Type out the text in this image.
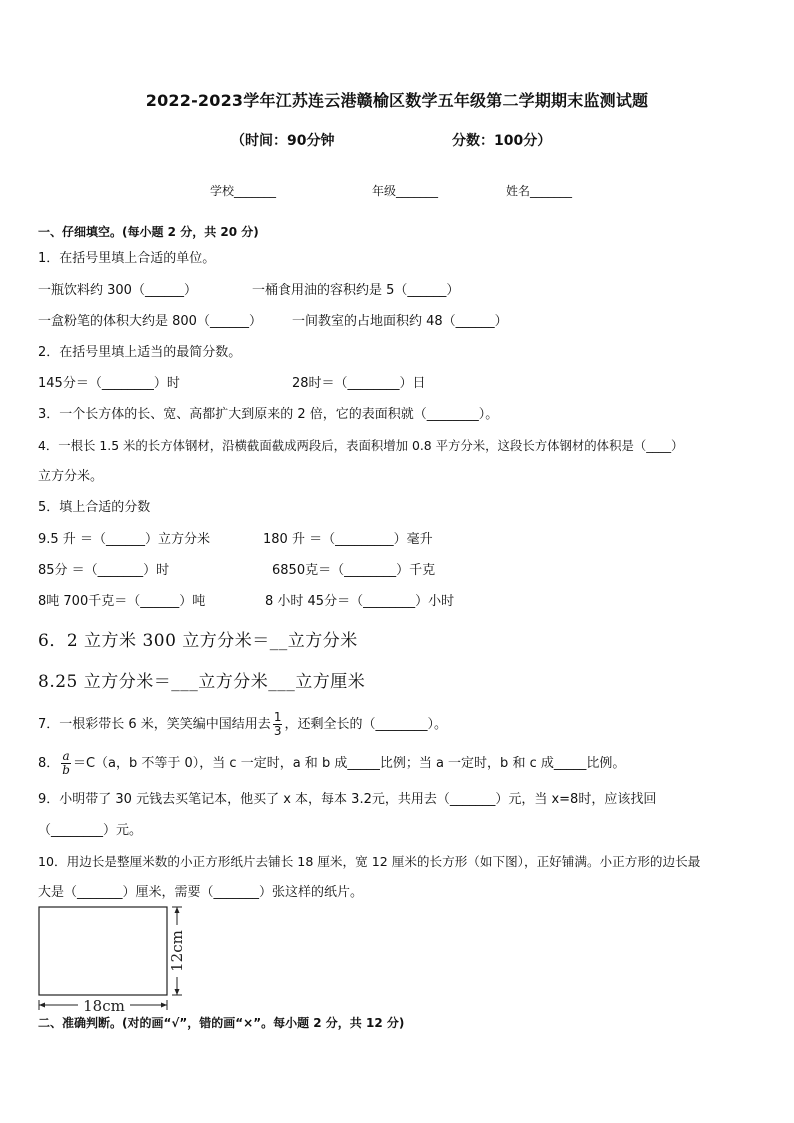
2022-2023学年江苏连云港赣榆区数学五年级第二学期期末监测试题
（时间：90分钟	分数：100分）
学校_______	年级_______	姓名_______
一、仔细填空。(每小题 2 分，共 20 分)
1．在括号里填上合适的单位。
一瓶饮料约 300（______）	一桶食用油的容积约是 5（______）
一盒粉笔的体积大约是 800（______） 一间教室的占地面积约 48（______）
2．在括号里填上适当的最简分数。
145分＝（________）时	28时＝（________）日
3．一个长方体的长、宽、高都扩大到原来的 2 倍，它的表面积就（________）。
4．一根长 1.5 米的长方体钢材，沿横截面截成两段后，表面积增加 0.8 平方分米，这段长方体钢材的体积是（____）
立方分米。
5．填上合适的分数
9.5 升 ＝（______）立方分米	180 升 ＝（_________）毫升
85分 ＝（_______）时	6850克＝（________）千克
8吨 700千克＝（______）吨	8 小时 45分＝（________）小时
6．2 立方米 300 立方分米＝__立方分米
8.25 立方分米＝___立方分米___立方厘米
7．一根彩带长 6 米，笑笑编中国结用去 $\frac{1}{3}$ ，还剩全长的（________）。
8． $\frac{a}{b} =C(a$，b 不等于 0），当 c 一定时，a 和 b 成_____比例；当 a 一定时，b 和 c 成_____比例。
9．小明带了 30 元钱去买笔记本，他买了 x 本，每本 3.2元，共用去（_______）元，当 x=8时，应该找回
（________）元。
10．用边长是整厘米数的小正方形纸片去铺长 18 厘米，宽 12 厘米的长方形（如下图），正好铺满。小正方形的边长最
大是（_______）厘米，需要（_______）张这样的纸片。
18cm
12cm
二、准确判断。(对的画“√”，错的画“×”。每小题 2 分，共 12 分)
